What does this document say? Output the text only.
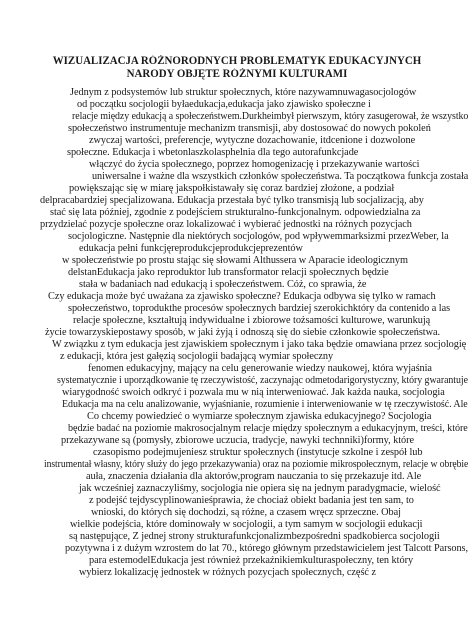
WIZUALIZACJA RÓŻNORODNYCH PROBLEMATYK EDUKACYJNYCH
NARODY OBJĘTE RÓŻNYMI KULTURAMI
Jednym z podsystemów lub struktur społecznych, które nazywamnuwagasocjologów
od początku socjologii byłaedukacja,edukacja jako zjawisko społeczne i
relacje między edukacją a społeczeństwem.Durkheimbył pierwszym, który zasugerował, że wszystko
społeczeństwo instrumentuje mechanizm transmisji, aby dostosować do nowych pokoleń
zwyczaj wartości, preferencje, wytyczne dozachowanie, itdcenione i dozwolone
społeczne. Edukacja i wbetonlaszkolasphelnia dla tego autorafunkcjade
włączyć do życia społecznego, poprzez homogenizację i przekazywanie wartości
uniwersalne i ważne dla wszystkich członków społeczeństwa. Ta początkowa funkcja została
powiększając się w miarę jakspołkistawały się coraz bardziej złożone, a podział
delpracabardziej specjalizowana. Edukacja przestała być tylko transmisją lub socjalizacją, aby
stać się lata później, zgodnie z podejściem strukturalno-funkcjonalnym. odpowiedzialna za
przydzielać pozycje społeczne oraz lokalizować i wybierać jednostki na różnych pozycjach
socjologiczne. Następnie dla niektórych socjologów, pod wpływemmarksizmi przezWeber, la
edukacja pełni funkcjęreprodukcjeprodukcjeprezentów
w społeczeństwie po prostu stając się słowami Althussera w Aparacie ideologicznym
delstanEdukacja jako reproduktor lub transformator relacji społecznych będzie
stała w badaniach nad edukacją i społeczeństwem. Cóż, co sprawia, że
Czy edukacja może być uważana za zjawisko społeczne? Edukacja odbywa się tylko w ramach
społeczeństwo, toprodukthe procesów społecznych bardziej szerokichktóry da contenido a las
relacje społeczne, kształtują indywidualne i zbiorowe tożsamości kulturowe, warunkują
życie towarzyskiepostawy sposób, w jaki żyją i odnoszą się do siebie członkowie społeczeństwa.
W związku z tym edukacja jest zjawiskiem społecznym i jako taka będzie omawiana przez socjologię
z edukacji, która jest gałęzią socjologii badającą wymiar społeczny
fenomen edukacyjny, mający na celu generowanie wiedzy naukowej, która wyjaśnia
systematycznie i uporządkowanie tę rzeczywistość, zaczynając odmetodarigorystyczny, który gwarantuje
wiarygodność swoich odkryć i pozwala mu w nią interweniować. Jak każda nauka, socjologia
Edukacja ma na celu analizowanie, wyjaśnianie, rozumienie i interweniowanie w tę rzeczywistość. Ale
Co chcemy powiedzieć o wymiarze społecznym zjawiska edukacyjnego? Socjologia
będzie badać na poziomie makrosocjalnym relacje między społecznym a edukacyjnym, treści, które
przekazywane są (pomysły, zbiorowe uczucia, tradycje, nawyki technniki)formy, które
czasopismo podejmujeniesz struktur społecznych (instytucje szkolne i zespół lub
instrumentał własny, który służy do jego przekazywania) oraz na poziomie mikrospołecznym, relacje w obrębie
auła, znaczenia działania dla aktorów,program nauczania to się przekazuje itd. Ale
jak wcześniej zaznaczyliśmy, socjologia nie opiera się na jednym paradygmacie, wielość
z podejść tejdyscyplinowanieśprawia, że chociaż obiekt badania jest ten sam, to
wnioski, do których się dochodzi, są różne, a czasem wręcz sprzeczne. Obaj
wielkie podejścia, które dominowały w socjologii, a tym samym w socjologii edukacji
są następujące, Z jednej strony strukturafunkcjonalizmbezpośredni spadkobierca socjologii
pozytywna i z dużym wzrostem do lat 70., którego głównym przedstawicielem jest Talcott Parsons,
para estemodelEdukacja jest również przekaźnikiemkulturaspołeczny, ten który
wybierz lokalizację jednostek w różnych pozycjach społecznych, część z
